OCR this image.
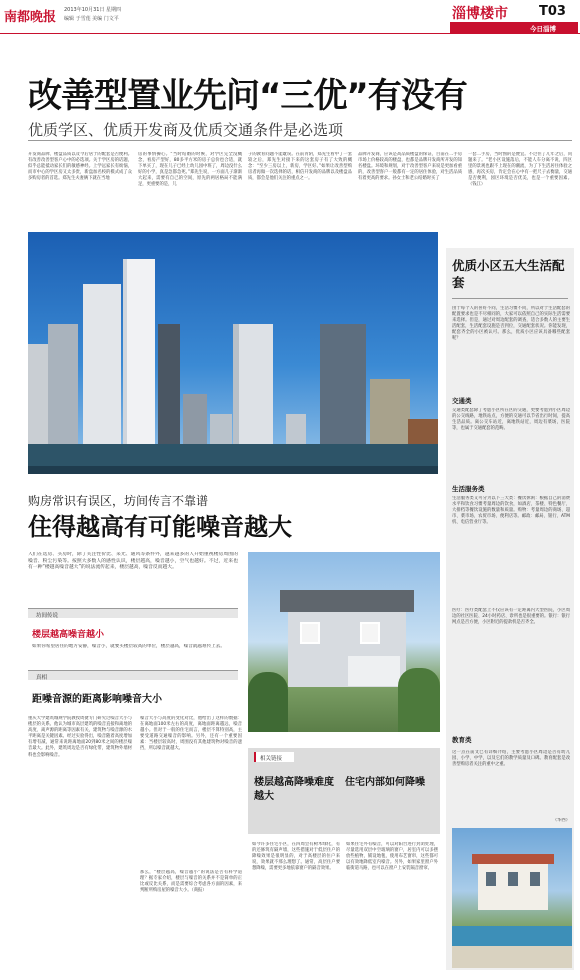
南都晚报 2013年10月31日 星期四
编辑 于雪莲 美编 门文平	淄博楼市 T03
今日淄博
改善型置业先问“三优”有没有
优质学区、优质开发商及优质交通条件是必选项
开发商品牌、楼盘品质以及今后居于的配套是否便利。有改善改善型客户心中的必选项。关于学区房的话题，似乎总能抵动家长们的敏感神经。上学远家长有烦恼，而市中心的学区房又太多贵，新盘加名校的模式成了众多购房者的首选。郑先生夫妻俩下就在当地
房的事情操心。“当时结婚的时候，对学区完全没概念，看房产型好，80多平方米的房子总价也合适，就下单买了，现在儿子已经上幼儿园中班了，周边没什么好的小学，真是急都急死。”郑先生说，一方面儿子渐渐大起来，需要有自己的空间，原先的两居格局不能满足，更重要的是，儿
子的教育问题不能耽误。在前青阴，郑先生看中了一套较之后，郑先生对接下来的这套房子有了大致的概念：“至少三房以上，新房，学区好。”如果让改善型购房者再做一次选择的话，相信开发商的品牌以及楼盘品质，都会是他们关注的重点之一。
品牌开发商，应该是高品质楼盘的保证，目前在二手房市场上价格较高的楼盘，也都是品牌开发商所开发的知名楼盘。环境和规划，对于改善型客户来说是更加看重的，改善型客户一般都有一定的居住体验，对生活品质有着更高的要求。孙女士和老公结婚时买了
一套二手房，当时图的是便宜。不过住了几年之后，问题来了。“老小区设施落后，不能人车分离不说，四区里的景观也跟不上现在的潮流，为了下生活居住体验之感，再次买房，肯定会在心中有一把尺子去衡量，交通是否便利，园区环境是否优美，也是一个重要因素。（钱江）
优质小区五大生活配套
由于每个人的喜好不同，生活习惯不同，所以对于生活配套的配置要求也是不尽相同的，大家可以依照自己的实际生活需要来选择。但是，通过对周边配套的调查，适合多数人的主要生活配套，生活配套设施是否到位，交通配套状况。你能发现，配套齐全的小区被认可。那么，优质小区应该具备哪些配套呢？
交通类
交通类配套除了考虑小区所在区的交通，更要考虑到小区周边的公交线路，地铁站点，方便的交通可以节省出行时间，提高生活品质。离公交车站近，离地铁站近，周边有菜场，医院等，也属于交通配套的范畴。
生活服务类
生活服务类又可分为以下三大类：餐饮休闲：根据自己的消费水平和饮食习惯考量周边的饮食，如酒店、茶楼、特色餐厅、大排档等餐饮设施的数量和质量。购物：考量周边的商场、超市、菜市场、农贸市场、便利店等。邮政：邮局、银行、ATM机、电信营业厅等。
医疗：医疗类配套上不仅应该有一定距离内大型医院，小区周边的社区医院、24小时药店、诊所也是很重要的。银行：银行网点是否方便，小区附近的提款机是否齐全。
教育类
这一点在前文已有详细介绍，主要考虑小区周边是否有幼儿园、小学、中学，以及它们的教学质量及口碑。教育配套是改善型购房者关注的重中之重。
（华西）
购房常识有误区，坊间传言不靠谱
住得越高有可能噪音越大
人们在选房、买房时，除了关注性价比、采光、通风等条件外，越来越多的人开始重视楼房周围的噪音、粉尘污染等。按照大多数人的感性认识，楼层越高，噪音越小，空气也越好。不过，近来也有一种“楼越高噪音越大”的说法流传起来，楼层越高，噪音反而越大。
坊间传说
楼层越高噪音越小
如果你希望居住的地方安静，噪音小，就要买楼层较高的单位，楼层越高，噪音就越难传上去。
真相
距噪音源的距离影响噪音大小
重庆大学建筑城规学院教授周捷专门研究过噪音大小与楼层的关系。他认为城市高层建筑的噪音直接和离地的高度、离声源的距离等因素有关，建筑物与噪音源的水平距离是关键因素。经过实验得出，噪音随着高度增加有增有减，通常来说距离地面20到80米之间的楼层噪音最大。此外，建筑周边是否有绿化带，建筑物外墙材料也会影响噪音。
噪音大小与高度的变化对比，他给出了这样的数据：在离地面100米左右的高度，离地面距离越远，噪音越小。但对于一般的住宅而言，楼层不算特别高，主要受道路交通噪音的影响。另外，还有一个重要因素：当楼层较高时，周围没有其他建筑物对噪音的遮挡，所以噪音就越大。
那么，“楼层越高，噪音越小”的说法是否有科学道理？据专家介绍，楼层与噪音的关系并不是简单的正比或反比关系，而是需要综合考虑各方面的因素，来判断所购房屋的噪音大小。（商报）
相关链接
楼层越高降噪难度越大
住宅内部如何降噪
如今许多住宅小区，在四周会有树木绿化，有的还修筑有隔声墙，这些措施对于低层住户的降噪效果是很明显的，对于高楼层的住户来说，效果就不那么理想了。通常，高层住户要想降噪，需要更多地依靠窗户的隔音效果。
如果住宅外有噪音，可以对阳台进行封闭处理，尽量选用双层中空玻璃的窗户，居室内可以多摆放些植物，铺设地毯，使用布艺窗帘，这些都可以有效地降低室内噪音。另外，如果家里窗户外临街道马路，也可以在窗户上安装隔音窗帘。
